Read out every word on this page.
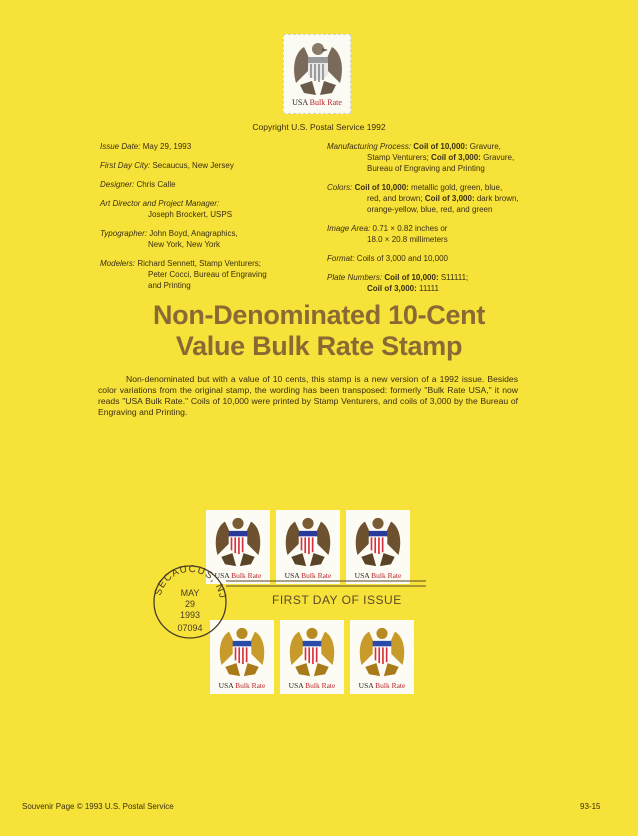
USA Bulk Rate
Copyright U.S. Postal Service 1992

Issue Date: May 29, 1993

First Day City: Secaucus, New Jersey

Designer: Chris Calle

Art Director and Project Manager:
Joseph Brockert, USPS

Typographer: John Boyd, Anagraphics,
New York, New York

Modelers: Richard Sennett, Stamp Venturers;
Peter Cocci, Bureau of Engraving
and Printing

Manufacturing Process: Coil of 10,000: Gravure,
Stamp Venturers; Coil of 3,000: Gravure,
Bureau of Engraving and Printing

Colors: Coil of 10,000: metallic gold, green, blue,
red, and brown; Coil of 3,000: dark brown,
orange-yellow, blue, red, and green

Image Area: 0.71 × 0.82 inches or
18.0 × 20.8 millimeters

Format: Coils of 3,000 and 10,000

Plate Numbers: Coil of 10,000: S11111;
Coil of 3,000: 11111

Non-Denominated 10-Cent
Value Bulk Rate Stamp
Non-denominated but with a value of 10 cents, this stamp is a new version of a 1992 issue. Besides color variations from the original stamp, the wording has been transposed: formerly "Bulk Rate USA," it now reads "USA Bulk Rate." Coils of 10,000 were printed by Stamp Venturers, and coils of 3,000 by the Bureau of Engraving and Printing.
USA Bulk Rate	USA Bulk Rate	USA Bulk Rate
USA Bulk Rate	USA Bulk Rate	USA Bulk Rate
FIRST DAY OF ISSUE
SECAUCUS, NJ
MAY
29
1993
07094
Souvenir Page © 1993 U.S. Postal Service	93-15
